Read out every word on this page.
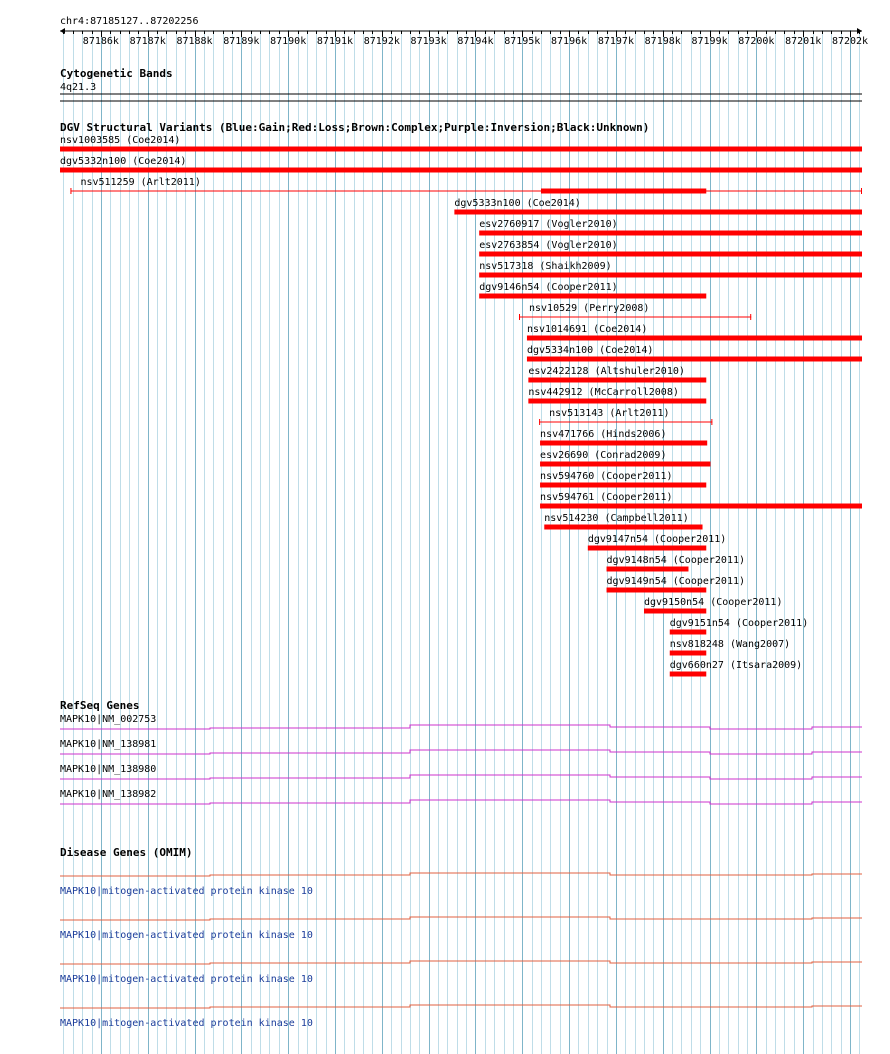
chr4:87185127..87202256
87186k 87187k 87188k 87189k 87190k 87191k 87192k 87193k 87194k 87195k 87196k 87197k 87198k 87199k 87200k 87201k 87202k
Cytogenetic Bands
4q21.3
DGV Structural Variants (Blue:Gain;Red:Loss;Brown:Complex;Purple:Inversion;Black:Unknown)
nsv1003585 (Coe2014)
dgv5332n100 (Coe2014)
nsv511259 (Arlt2011)
dgv5333n100 (Coe2014)
esv2760917 (Vogler2010)
esv2763854 (Vogler2010)
nsv517318 (Shaikh2009)
dgv9146n54 (Cooper2011)
nsv10529 (Perry2008)
nsv1014691 (Coe2014)
dgv5334n100 (Coe2014)
esv2422128 (Altshuler2010)
nsv442912 (McCarroll2008)
nsv513143 (Arlt2011)
nsv471766 (Hinds2006)
esv26690 (Conrad2009)
nsv594760 (Cooper2011)
nsv594761 (Cooper2011)
nsv514230 (Campbell2011)
dgv9147n54 (Cooper2011)
dgv9148n54 (Cooper2011)
dgv9149n54 (Cooper2011)
dgv9150n54 (Cooper2011)
dgv9151n54 (Cooper2011)
nsv818248 (Wang2007)
dgv660n27 (Itsara2009)
RefSeq Genes
MAPK10|NM_002753
MAPK10|NM_138981
MAPK10|NM_138980
MAPK10|NM_138982
Disease Genes (OMIM)
MAPK10|mitogen-activated protein kinase 10
MAPK10|mitogen-activated protein kinase 10
MAPK10|mitogen-activated protein kinase 10
MAPK10|mitogen-activated protein kinase 10
